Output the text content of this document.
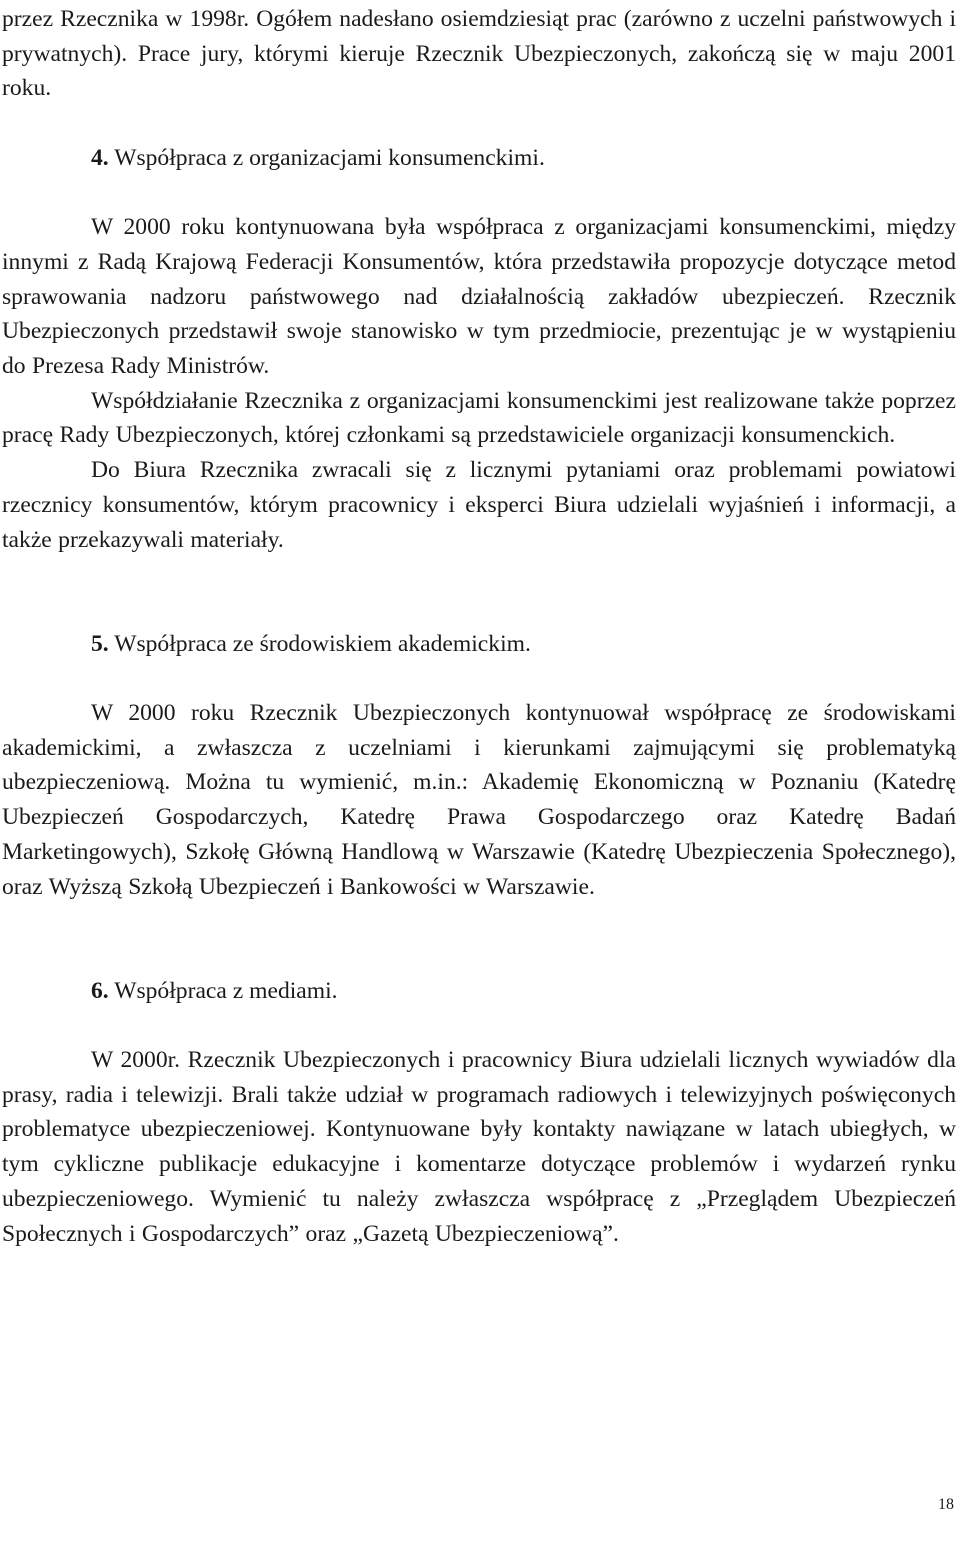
przez Rzecznika w 1998r. Ogółem nadesłano osiemdziesiąt prac (zarówno z uczelni państwowych i prywatnych). Prace jury, którymi kieruje Rzecznik Ubezpieczonych, zakończą się w maju 2001 roku.

4. Współpraca z organizacjami konsumenckimi.

W 2000 roku kontynuowana była współpraca z organizacjami konsumenckimi, między innymi z Radą Krajową Federacji Konsumentów, która przedstawiła propozycje dotyczące metod sprawowania nadzoru państwowego nad działalnością zakładów ubezpieczeń. Rzecznik Ubezpieczonych przedstawił swoje stanowisko w tym przedmiocie, prezentując je w wystąpieniu do Prezesa Rady Ministrów.

Współdziałanie Rzecznika z organizacjami konsumenckimi jest realizowane także poprzez pracę Rady Ubezpieczonych, której członkami są przedstawiciele organizacji konsumenckich.

Do Biura Rzecznika zwracali się z licznymi pytaniami oraz problemami powiatowi rzecznicy konsumentów, którym pracownicy i eksperci Biura udzielali wyjaśnień i informacji, a także przekazywali materiały.

5. Współpraca ze środowiskiem akademickim.

W 2000 roku Rzecznik Ubezpieczonych kontynuował współpracę ze środowiskami akademickimi, a zwłaszcza z uczelniami i kierunkami zajmującymi się problematyką ubezpieczeniową. Można tu wymienić, m.in.: Akademię Ekonomiczną w Poznaniu (Katedrę Ubezpieczeń Gospodarczych, Katedrę Prawa Gospodarczego oraz Katedrę Badań Marketingowych), Szkołę Główną Handlową w Warszawie (Katedrę Ubezpieczenia Społecznego), oraz Wyższą Szkołą Ubezpieczeń i Bankowości w Warszawie.

6. Współpraca z mediami.

W 2000r. Rzecznik Ubezpieczonych i pracownicy Biura udzielali licznych wywiadów dla prasy, radia i telewizji. Brali także udział w programach radiowych i telewizyjnych poświęconych problematyce ubezpieczeniowej. Kontynuowane były kontakty nawiązane w latach ubiegłych, w tym cykliczne publikacje edukacyjne i komentarze dotyczące problemów i wydarzeń rynku ubezpieczeniowego. Wymienić tu należy zwłaszcza współpracę z „Przeglądem Ubezpieczeń Społecznych i Gospodarczych” oraz „Gazetą Ubezpieczeniową”.

18
